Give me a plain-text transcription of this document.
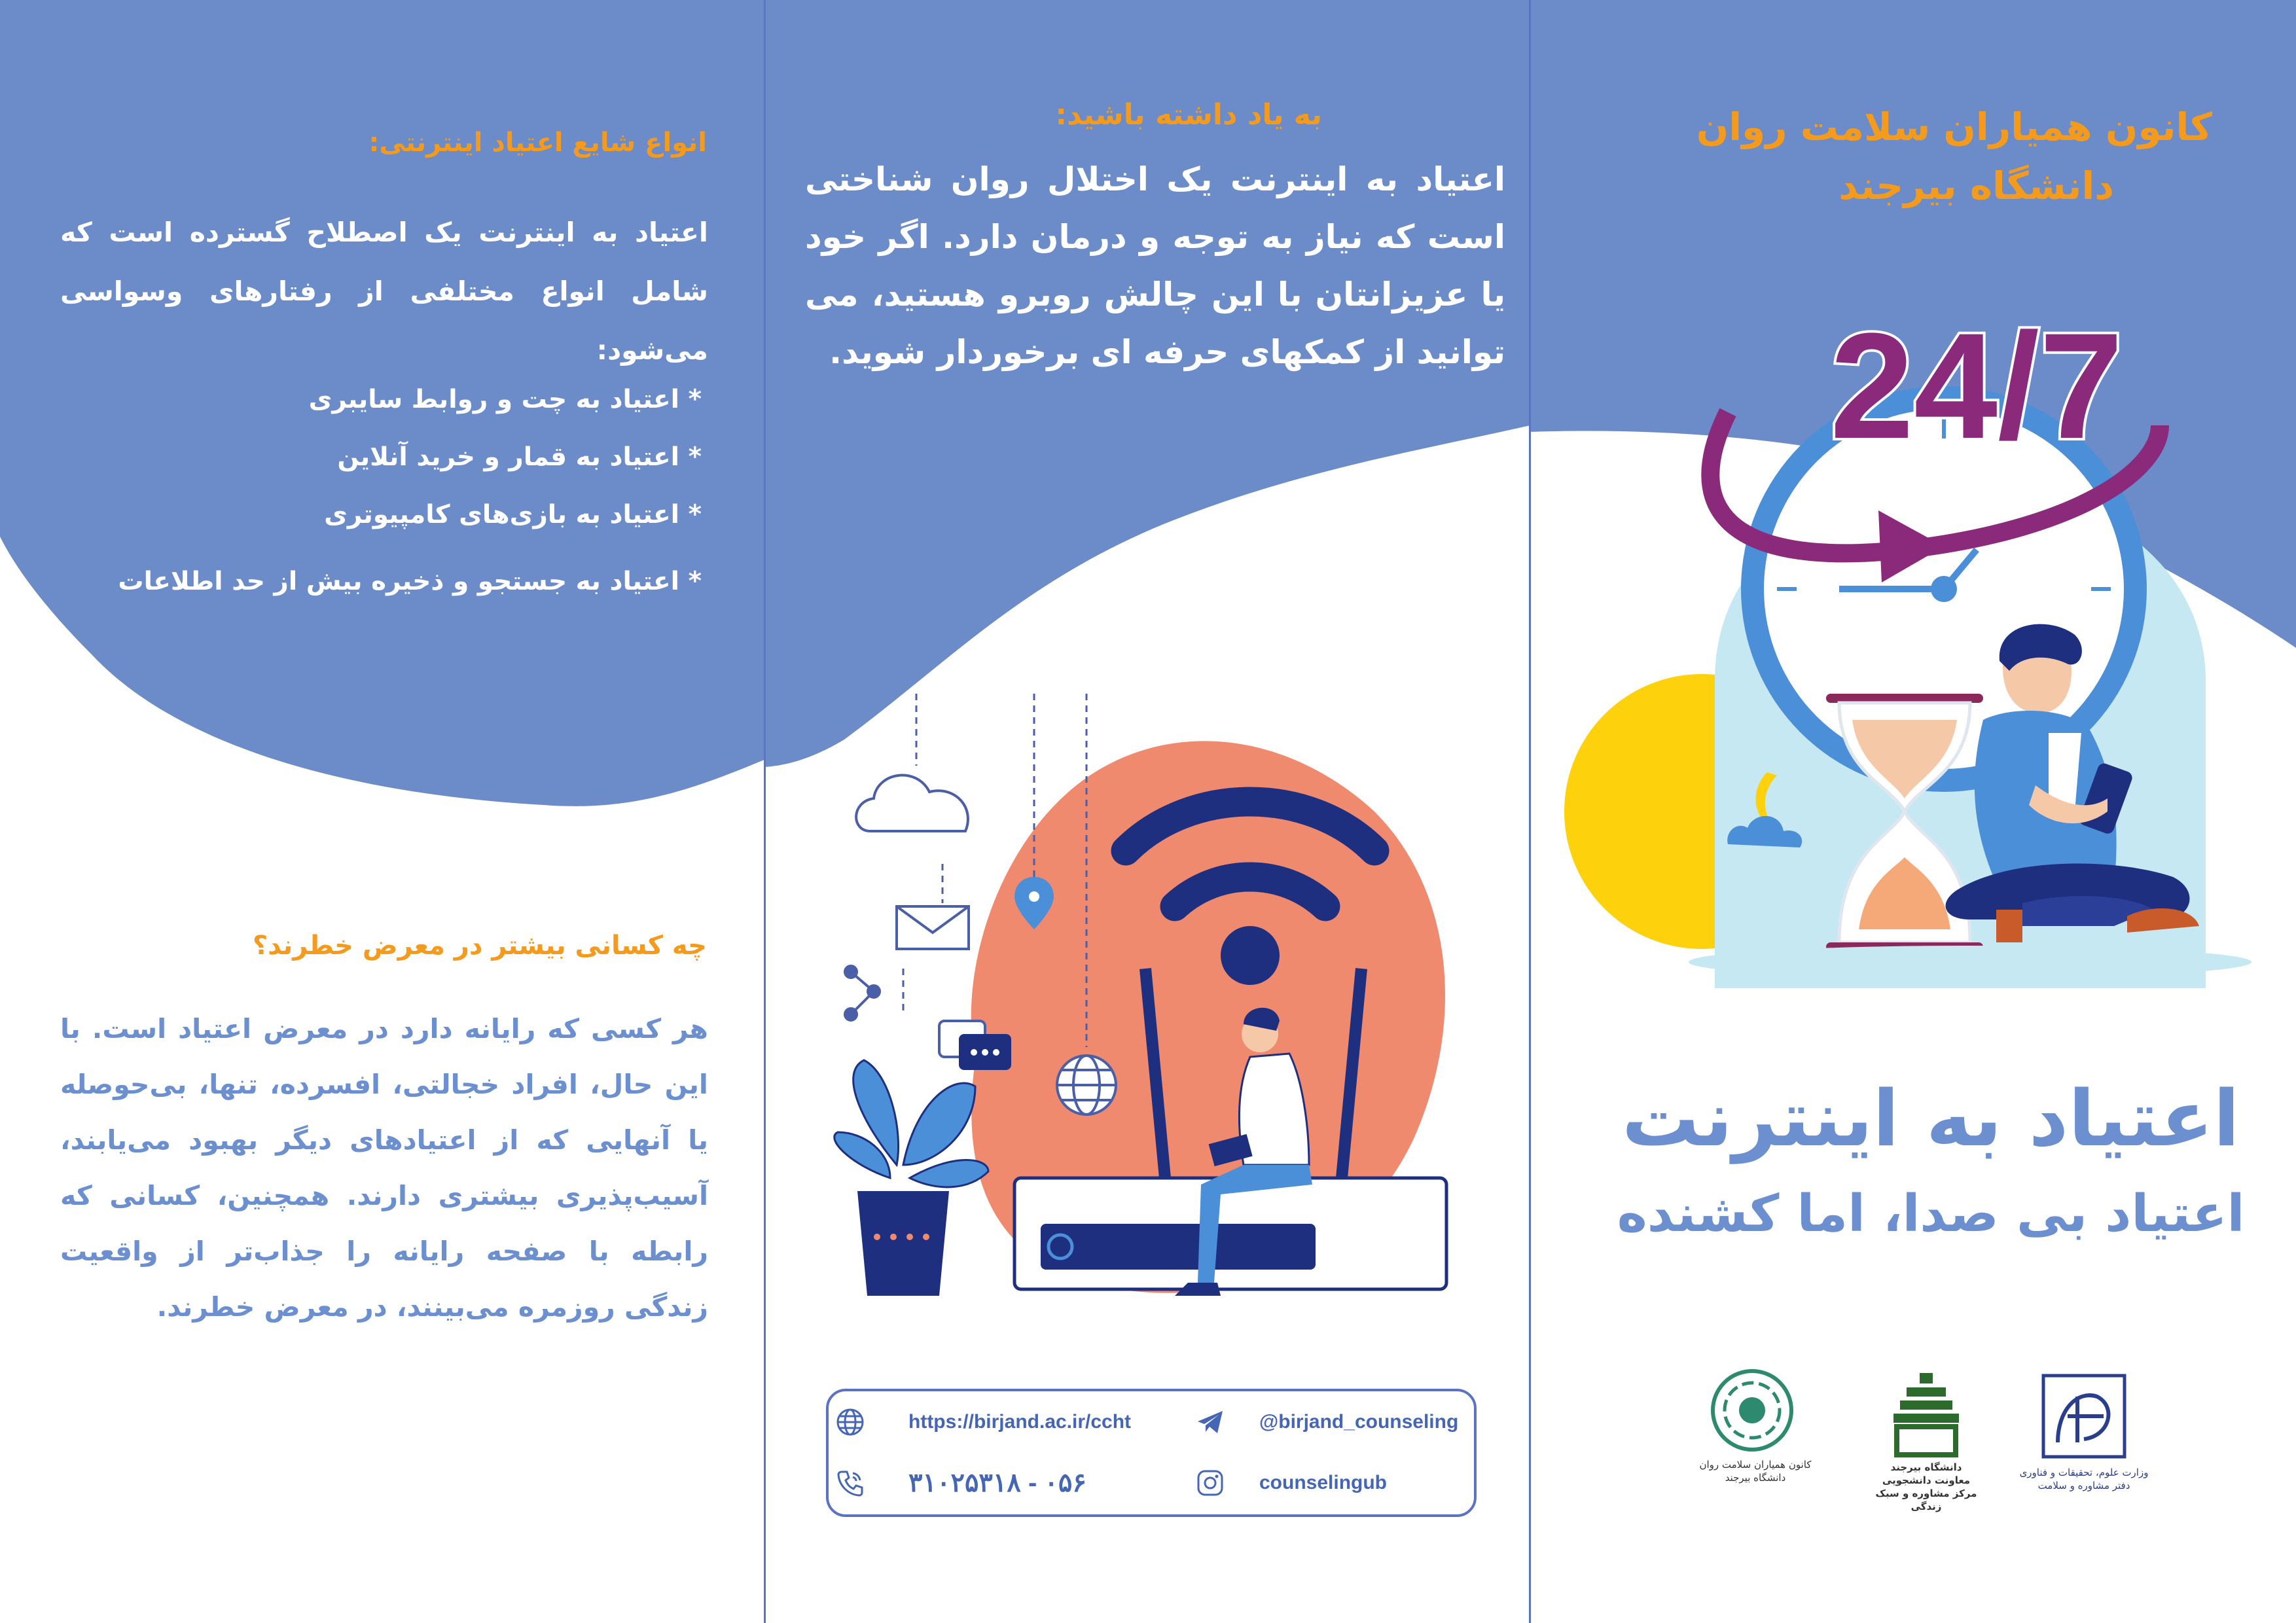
انواع شایع اعتیاد اینترنتی:
اعتیاد به اینترنت یک اصطلاح گسترده است که شامل انواع مختلفی از رفتارهای وسواسی می‌شود:
* اعتیاد به چت و روابط سایبری
* اعتیاد به قمار و خرید آنلاین
* اعتیاد به بازی‌های کامپیوتری
* اعتیاد به جستجو و ذخیره بیش از حد اطلاعات
چه کسانی بیشتر در معرض خطرند؟
هر کسی که رایانه دارد در معرض اعتیاد است. با این حال، افراد خجالتی، افسرده، تنها، بی‌حوصله یا آنهایی که از اعتیادهای دیگر بهبود می‌یابند، آسیب‌پذیری بیشتری دارند. همچنین، کسانی که رابطه با صفحه رایانه را جذاب‌تر از واقعیت زندگی روزمره می‌بینند، در معرض خطرند.
به یاد داشته باشید:
اعتیاد به اینترنت یک اختلال روان شناختی است که نیاز به توجه و درمان دارد. اگر خود یا عزیزانتان با این چالش روبرو هستید، می توانید از کمکهای حرفه ای برخوردار شوید.
https://birjand.ac.ir/ccht	@birjand_counseling
۰۵۶ - ۳۱۰۲۵۳۱۸	counselingub
کانون همیاران سلامت روان
دانشگاه بیرجند
24/7
اعتیاد به اینترنت
اعتیاد بی صدا، اما کشنده
کانون همیاران سلامت روان
دانشگاه بیرجند
دانشگاه بیرجند
معاونت دانشجویی
مرکز مشاوره و سبک زندگی
وزارت علوم، تحقیقات و فناوری
دفتر مشاوره و سلامت
